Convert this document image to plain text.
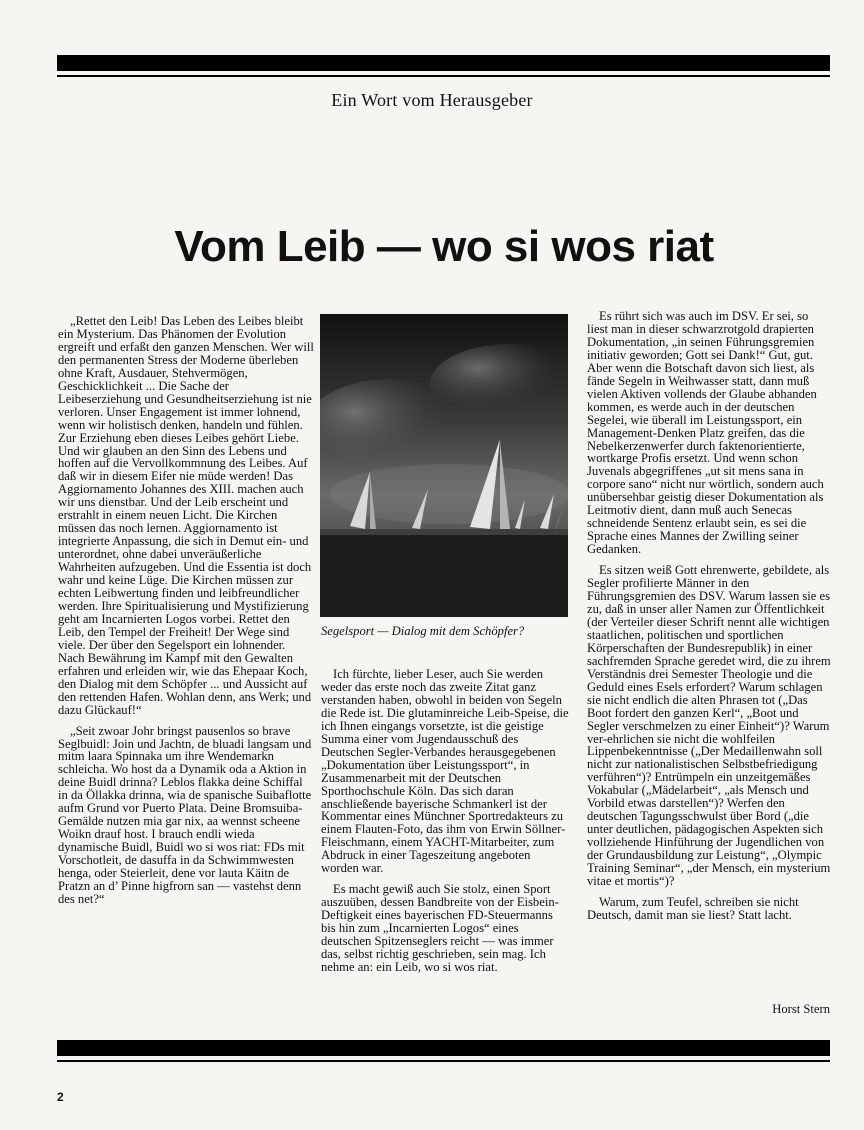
Ein Wort vom Herausgeber
Vom Leib — wo si wos riat

„Rettet den Leib! Das Leben des Leibes bleibt ein Mysterium. Das Phänomen der Evolution ergreift und erfaßt den ganzen Menschen. Wer will den permanenten Stress der Moderne überleben ohne Kraft, Ausdauer, Stehvermögen, Geschicklichkeit ... Die Sache der Leibeserziehung und Gesundheitserziehung ist nie verloren. Unser Engagement ist immer lohnend, wenn wir holistisch denken, handeln und fühlen. Zur Erziehung eben dieses Leibes gehört Liebe. Und wir glauben an den Sinn des Lebens und hoffen auf die Vervollkommnung des Leibes. Auf daß wir in diesem Eifer nie müde werden! Das Aggiornamento Johannes des XIII. machen auch wir uns dienstbar. Und der Leib erscheint und erstrahlt in einem neuen Licht. Die Kirchen müssen das noch lernen. Aggiornamento ist integrierte Anpassung, die sich in Demut ein- und unterordnet, ohne dabei unveräußerliche Wahrheiten aufzugeben. Und die Essentia ist doch wahr und keine Lüge. Die Kirchen müssen zur echten Leibwertung finden und leibfreundlicher werden. Ihre Spiritualisierung und Mystifizierung geht am Incarnierten Logos vorbei. Rettet den Leib, den Tempel der Freiheit! Der Wege sind viele. Der über den Segelsport ein lohnender. Nach Bewährung im Kampf mit den Gewalten erfahren und erleiden wir, wie das Ehepaar Koch, den Dialog mit dem Schöpfer ... und Aussicht auf den rettenden Hafen. Wohlan denn, ans Werk; und dazu Glückauf!“

„Seit zwoar Johr bringst pausenlos so brave Seglbuidl: Join und Jachtn, de bluadi langsam und mitm laara Spinnaka um ihre Wendemarkn schleicha. Wo host da a Dynamik oda a Aktion in deine Buidl drinna? Leblos flakka deine Schiffal in da Öllakka drinna, wia de spanische Suibaflotte aufm Grund vor Puerto Plata. Deine Bromsuiba-Gemälde nutzen mia gar nix, aa wennst scheene Woikn drauf host. I brauch endli wieda dynamische Buidl, Buidl wo si wos riat: FDs mit Vorschotleit, de dasuffa in da Schwimmwesten henga, oder Steierleit, dene vor lauta Käitn de Pratzn an d’ Pinne higfrorn san — vastehst denn des net?“

Segelsport — Dialog mit dem Schöpfer?

Ich fürchte, lieber Leser, auch Sie werden weder das erste noch das zweite Zitat ganz verstanden haben, obwohl in beiden von Segeln die Rede ist. Die glutaminreiche Leib-Speise, die ich Ihnen eingangs vorsetzte, ist die geistige Summa einer vom Jugendausschuß des Deutschen Segler-Verbandes herausgegebenen „Dokumentation über Leistungssport“, in Zusammenarbeit mit der Deutschen Sporthochschule Köln. Das sich daran anschließende bayerische Schmankerl ist der Kommentar eines Münchner Sportredakteurs zu einem Flauten-Foto, das ihm von Erwin Söllner-Fleischmann, einem YACHT-Mitarbeiter, zum Abdruck in einer Tageszeitung angeboten worden war.

Es macht gewiß auch Sie stolz, einen Sport auszuüben, dessen Bandbreite von der Eisbein-Deftigkeit eines bayerischen FD-Steuermanns bis hin zum „Incarnierten Logos“ eines deutschen Spitzenseglers reicht — was immer das, selbst richtig geschrieben, sein mag. Ich nehme an: ein Leib, wo si wos riat.

Es rührt sich was auch im DSV. Er sei, so liest man in dieser schwarzrotgold drapierten Dokumentation, „in seinen Führungsgremien initiativ geworden; Gott sei Dank!“ Gut, gut. Aber wenn die Botschaft davon sich liest, als fände Segeln in Weihwasser statt, dann muß vielen Aktiven vollends der Glaube abhanden kommen, es werde auch in der deutschen Segelei, wie überall im Leistungssport, ein Management-Denken Platz greifen, das die Nebelkerzenwerfer durch faktenorientierte, wortkarge Profis ersetzt. Und wenn schon Juvenals abgegriffenes „ut sit mens sana in corpore sano“ nicht nur wörtlich, sondern auch unübersehbar geistig dieser Dokumentation als Leitmotiv dient, dann muß auch Senecas schneidende Sentenz erlaubt sein, es sei die Sprache eines Mannes der Zwilling seiner Gedanken.

Es sitzen weiß Gott ehrenwerte, gebildete, als Segler profilierte Männer in den Führungsgremien des DSV. Warum lassen sie es zu, daß in unser aller Namen zur Öffentlichkeit (der Verteiler dieser Schrift nennt alle wichtigen staatlichen, politischen und sportlichen Körperschaften der Bundesrepublik) in einer sachfremden Sprache geredet wird, die zu ihrem Verständnis drei Semester Theologie und die Geduld eines Esels erfordert? Warum schlagen sie nicht endlich die alten Phrasen tot („Das Boot fordert den ganzen Kerl“, „Boot und Segler verschmelzen zu einer Einheit“)? Warum ver-ehrlichen sie nicht die wohlfeilen Lippenbekenntnisse („Der Medaillenwahn soll nicht zur nationalistischen Selbstbefriedigung verführen“)? Entrümpeln ein unzeitgemäßes Vokabular („Mädelarbeit“, „als Mensch und Vorbild etwas darstellen“)? Werfen den deutschen Tagungsschwulst über Bord („die unter deutlichen, pädagogischen Aspekten sich vollziehende Hinführung der Jugendlichen von der Grundausbildung zur Leistung“, „Olympic Training Seminar“, „der Mensch, ein mysterium vitae et mortis“)?

Warum, zum Teufel, schreiben sie nicht Deutsch, damit man sie liest? Statt lacht.

Horst Stern
2
